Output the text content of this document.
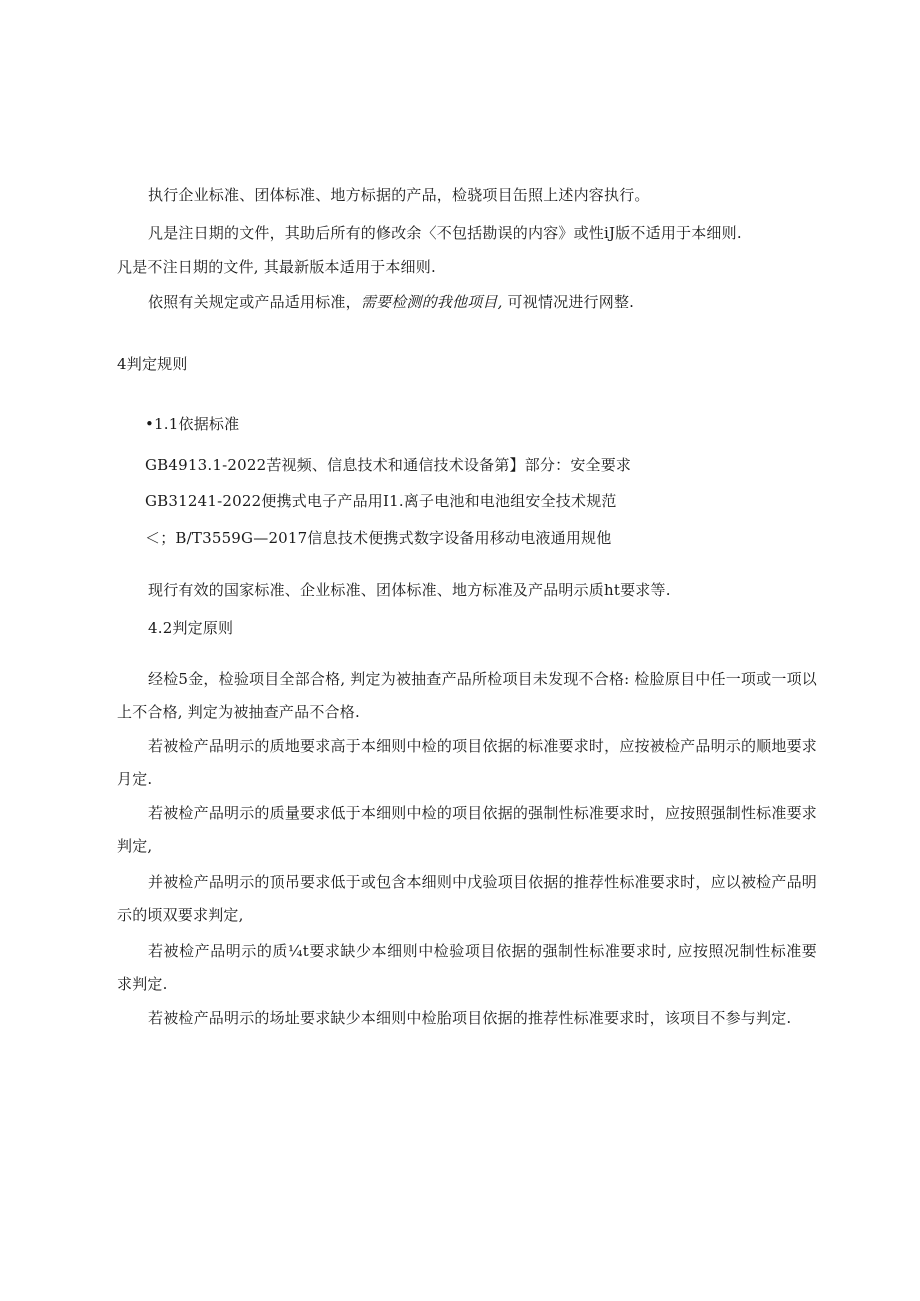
执行企业标准、团体标准、地方标据的产品，检骁项目缶照上述内容执行。
凡是注日期的文件，其助后所有的修改余〈不包括勘误的内容》或性iJ版不适用于本细则.
凡是不注日期的文件, 其最新版本适用于本细则.
依照有关规定或产品适用标准，需要检测的我他项目, 可视情况进行网整.
4判定规则
•1.1依据标准
GB4913.1-2022苦视频、信息技术和通信技术设备第】部分：安全要求
GB31241-2022便携式电子产品用I1.离子电池和电池组安全技术规范
＜；B/T3559G—2017信息技术便携式数字设备用移动电液通用规他
现行有效的国家标准、企业标准、团体标准、地方标准及产品明示质ht要求等.
4.2判定原则
经检5金，检验项目全部合格, 判定为被抽查产品所检项目未发现不合格: 检脸原目中任一项或一项以上不合格, 判定为被抽查产品不合格.
若被检产品明示的质地要求高于本细则中检的项目依据的标准要求时，应按被检产品明示的顺地要求月定.
若被检产品明示的质量要求低于本细则中检的项目依据的强制性标准要求时，应按照强制性标准要求判定,
并被检产品明示的顶吊要求低于或包含本细则中戊验项目依据的推荐性标准要求时，应以被检产品明示的顷双要求判定,
若被检产品明示的质¼t要求缺少本细则中检验项目依据的强制性标准要求时, 应按照况制性标准要求判定.
若被检产品明示的场址要求缺少本细则中检胎项目依据的推荐性标准要求时，该项目不参与判定.
